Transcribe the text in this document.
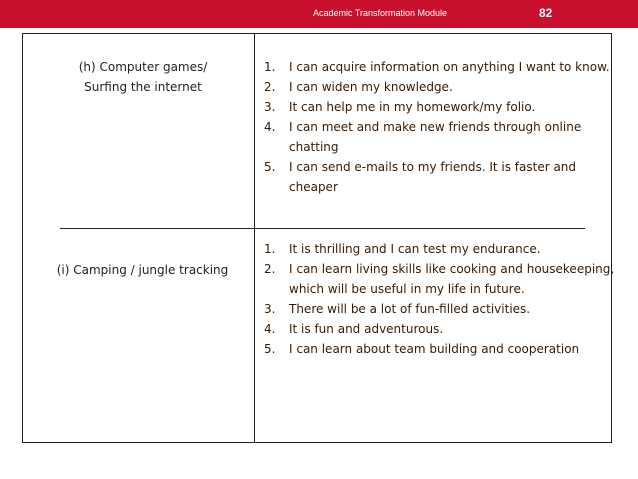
Academic Transformation Module	82
(h) Computer games/
Surfing the internet
1. I can acquire information on anything I want to know.
2. I can widen my knowledge.
3. It can help me in my homework/my folio.
4. I can meet and make new friends through online chatting
5. I can send e-mails to my friends. It is faster and cheaper
(i) Camping / jungle tracking
1. It is thrilling and I can test my endurance.
2. I can learn living skills like cooking and housekeeping, which will be useful in my life in future.
3. There will be a lot of fun-filled activities.
4. It is fun and adventurous.
5. I can learn about team building and cooperation
